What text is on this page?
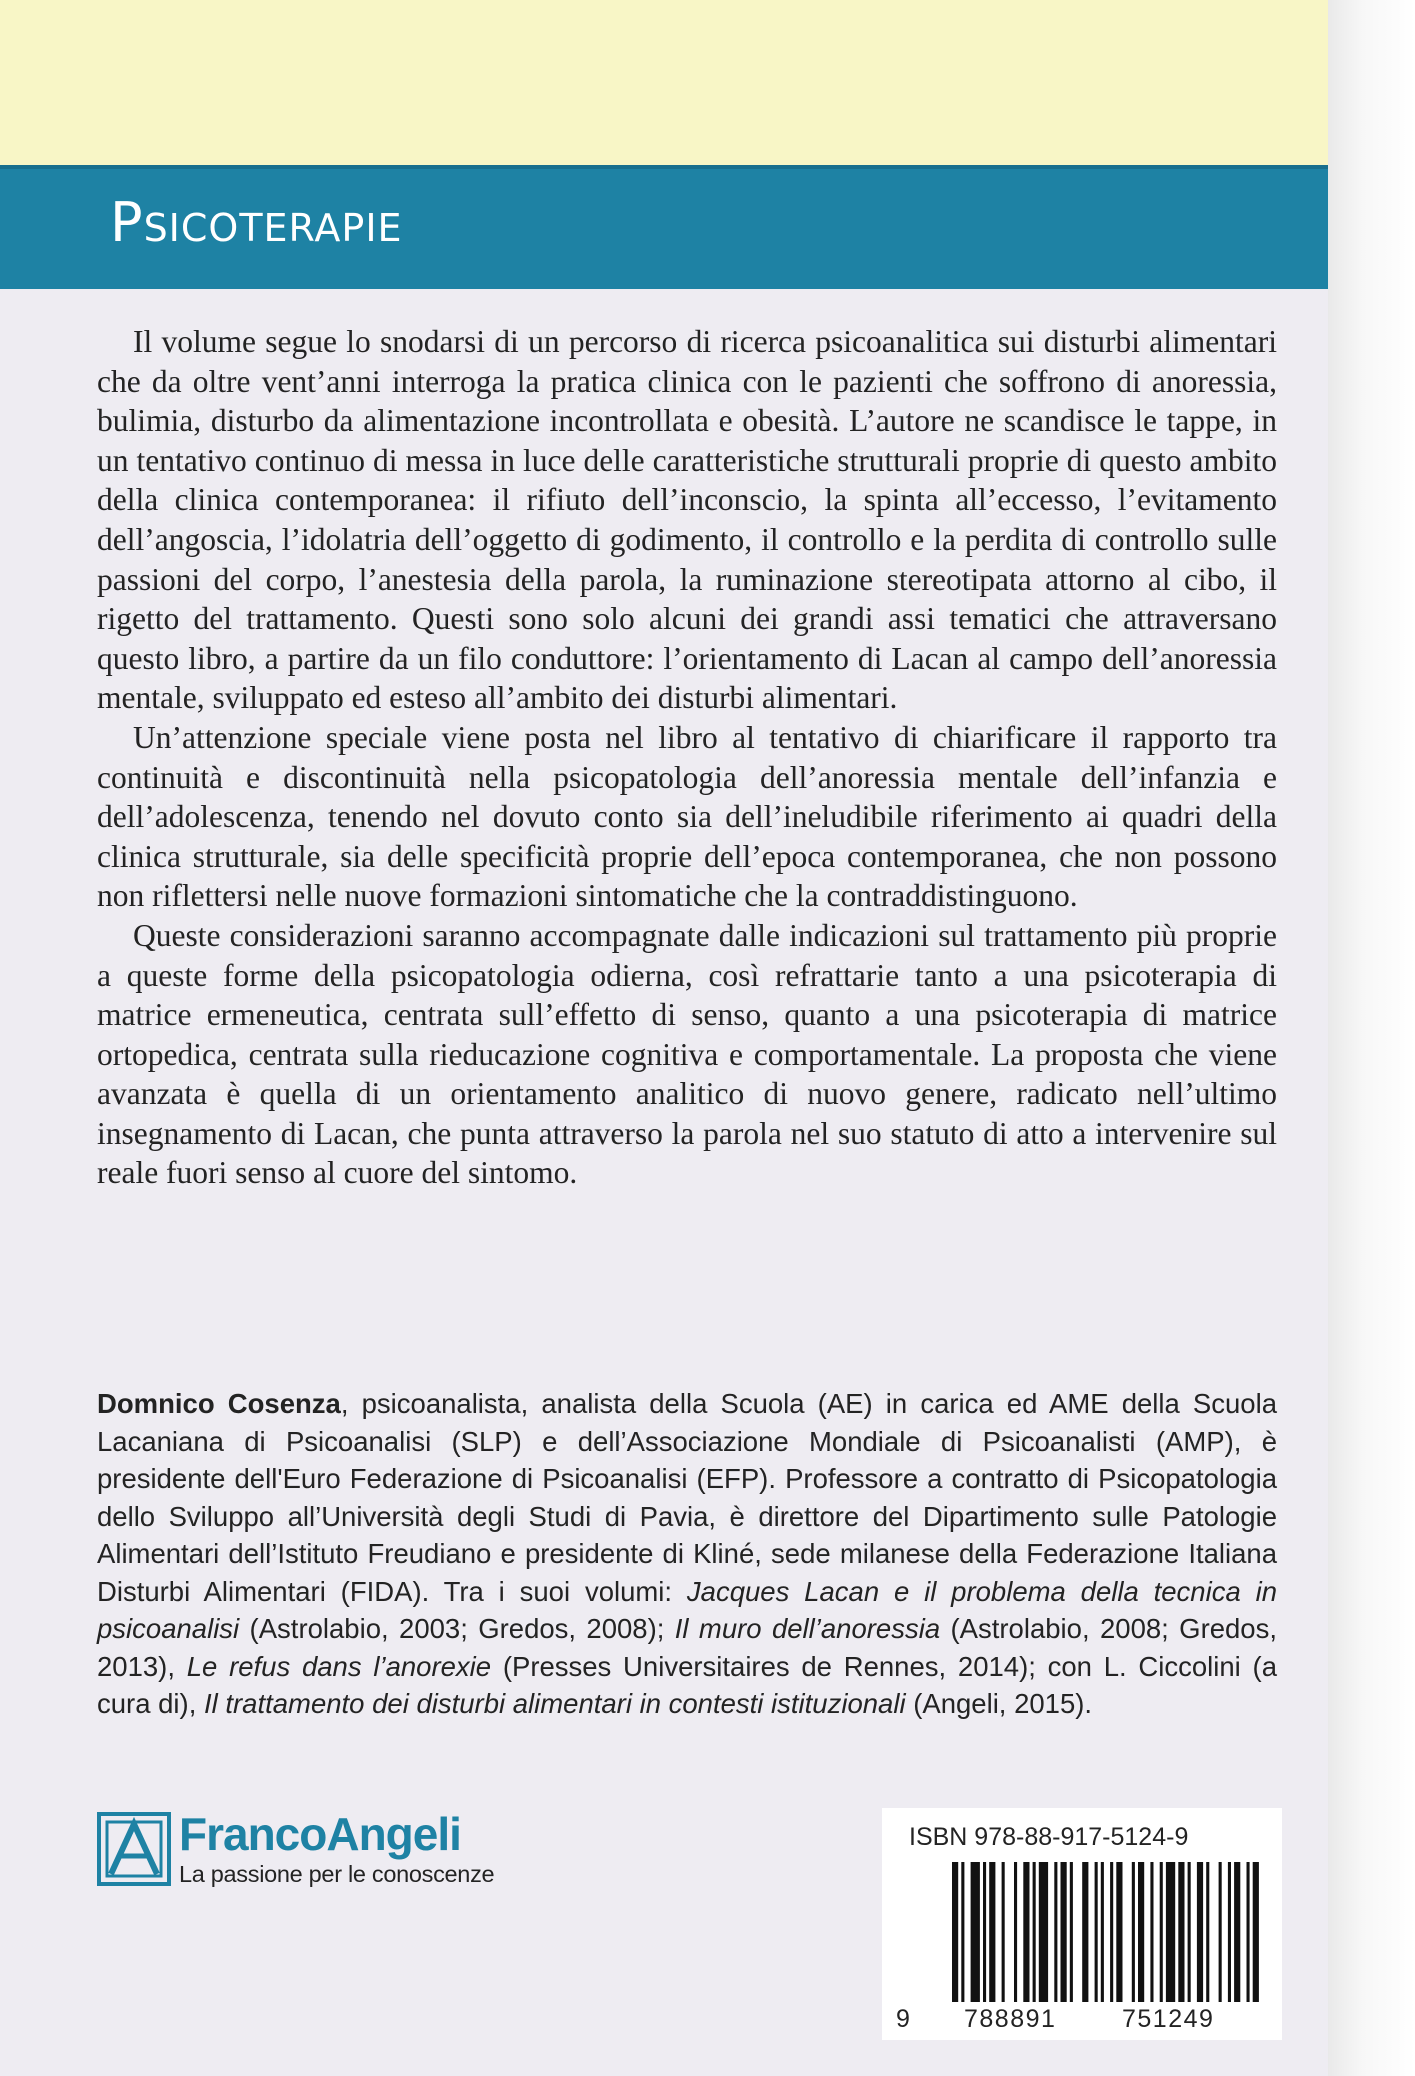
Psicoterapie

Il volume segue lo snodarsi di un percorso di ricerca psicoanalitica sui disturbi alimentari che da oltre vent’anni interroga la pratica clinica con le pazienti che soffrono di anoressia, bulimia, disturbo da alimentazione incontrollata e obesità. L’autore ne scandisce le tappe, in un tentativo continuo di messa in luce delle caratteristiche strutturali proprie di questo ambito della clinica contemporanea: il rifiuto dell’inconscio, la spinta all’eccesso, l’evitamento dell’angoscia, l’idolatria dell’oggetto di godimento, il controllo e la perdita di controllo sulle passioni del corpo, l’anestesia della parola, la ruminazione stereotipata attorno al cibo, il rigetto del trattamento. Questi sono solo alcuni dei grandi assi tematici che attraversano questo libro, a partire da un filo conduttore: l’orientamento di Lacan al campo dell’anoressia mentale, sviluppato ed esteso all’ambito dei disturbi alimentari.

Un’attenzione speciale viene posta nel libro al tentativo di chiarificare il rapporto tra continuità e discontinuità nella psicopatologia dell’anoressia mentale dell’infanzia e dell’adolescenza, tenendo nel dovuto conto sia dell’ineludibile riferimento ai quadri della clinica strutturale, sia delle specificità proprie dell’epoca contemporanea, che non possono non riflettersi nelle nuove formazioni sintomatiche che la contraddistinguono.

Queste considerazioni saranno accompagnate dalle indicazioni sul trattamento più proprie a queste forme della psicopatologia odierna, così refrattarie tanto a una psicoterapia di matrice ermeneutica, centrata sull’effetto di senso, quanto a una psicoterapia di matrice ortopedica, centrata sulla rieducazione cognitiva e comportamentale. La proposta che viene avanzata è quella di un orientamento analitico di nuovo genere, radicato nell’ultimo insegnamento di Lacan, che punta attraverso la parola nel suo statuto di atto a intervenire sul reale fuori senso al cuore del sintomo.

Domnico Cosenza, psicoanalista, analista della Scuola (AE) in carica ed AME della Scuola Lacaniana di Psicoanalisi (SLP) e dell’Associazione Mondiale di Psicoanalisti (AMP), è presidente dell'Euro Federazione di Psicoanalisi (EFP). Professore a contratto di Psicopatologia dello Sviluppo all’Università degli Studi di Pavia, è direttore del Dipartimento sulle Patologie Alimentari dell’Istituto Freudiano e presidente di Kliné, sede milanese della Federazione Italiana Disturbi Alimentari (FIDA). Tra i suoi volumi: Jacques Lacan e il problema della tecnica in psicoanalisi (Astrolabio, 2003; Gredos, 2008); Il muro dell’anoressia (Astrolabio, 2008; Gredos, 2013), Le refus dans l’anorexie (Presses Universitaires de Rennes, 2014); con L. Ciccolini (a cura di), Il trattamento dei disturbi alimentari in contesti istituzionali (Angeli, 2015).

FrancoAngeli

La passione per le conoscenze

ISBN 978-88-917-5124-9

9 788891	751249
